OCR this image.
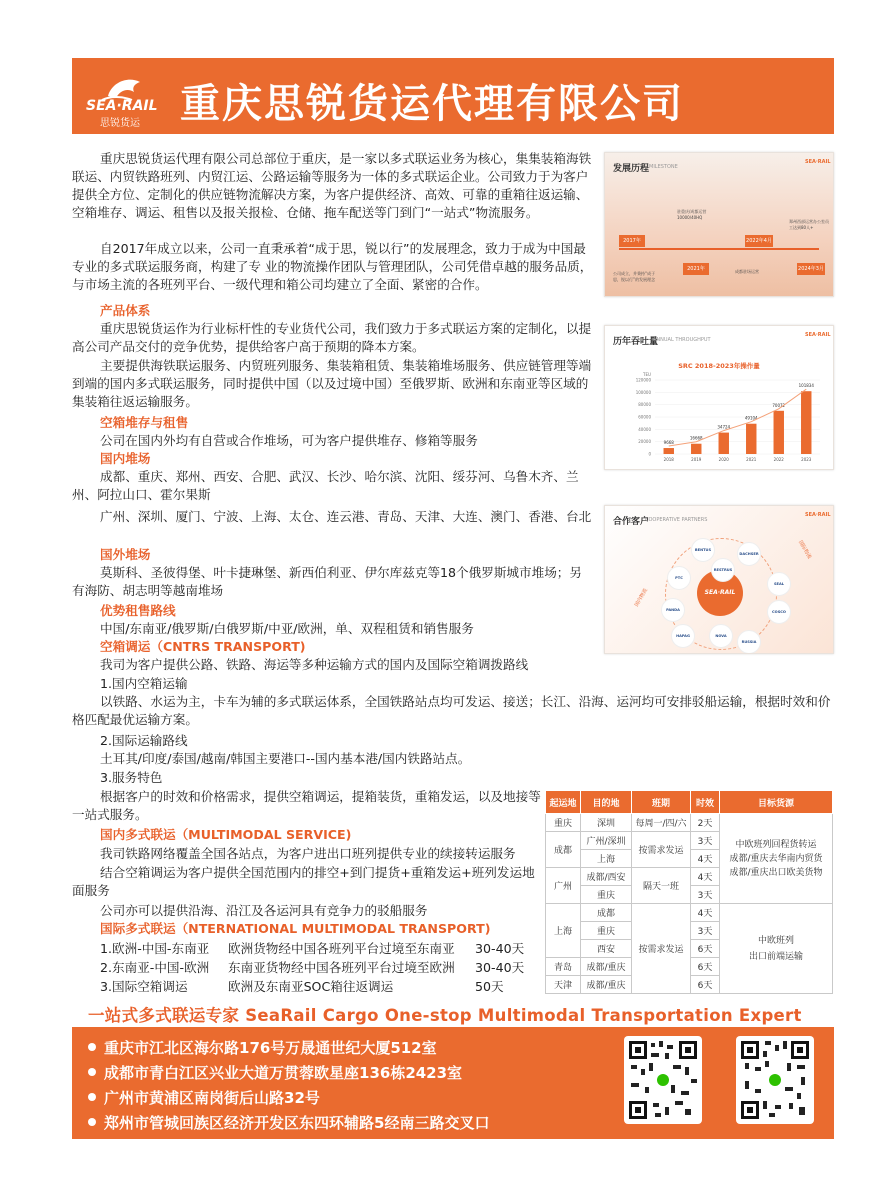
SEA·RAIL
思锐货运 重庆思锐货运代理有限公司
重庆思锐货运代理有限公司总部位于重庆，是一家以多式联运业务为核心，集集装箱海铁联运、内贸铁路班列、内贸江运、公路运输等服务为一体的多式联运企业。公司致力于为客户提供全方位、定制化的供应链物流解决方案，为客户提供经济、高效、可靠的重箱往返运输、空箱堆存、调运、租售以及报关报检、仓储、拖车配送等门到门“一站式”物流服务。
自2017年成立以来，公司一直秉承着“成于思，锐以行”的发展理念，致力于成为中国最专业的多式联运服务商，构建了专 业的物流操作团队与管理团队，公司凭借卓越的服务品质，与市场主流的各班列平台、一级代理和箱公司均建立了全面、紧密的合作。
产品体系
重庆思锐货运作为行业标杆性的专业货代公司，我们致力于多式联运方案的定制化，以提高公司产品交付的竞争优势，提供给客户高于预期的降本方案。
主要提供海铁联运服务、内贸班列服务、集装箱租赁、集装箱堆场服务、供应链管理等端到端的国内多式联运服务，同时提供中国（以及过境中国）至俄罗斯、欧洲和东南亚等区域的集装箱往返运输服务。
空箱堆存与租售
公司在国内外均有自营或合作堆场，可为客户提供堆存、修箱等服务
国内堆场
成都、重庆、郑州、西安、合肥、武汉、长沙、哈尔滨、沈阳、绥芬河、乌鲁木齐、兰州、阿拉山口、霍尔果斯
广州、深圳、厦门、宁波、上海、太仓、连云港、青岛、天津、大连、澳门、香港、台北
国外堆场
莫斯科、圣彼得堡、叶卡捷琳堡、新西伯利亚、伊尔库兹克等18个俄罗斯城市堆场；另有海防、胡志明等越南堆场
优势租售路线
中国/东南亚/俄罗斯/白俄罗斯/中亚/欧洲，单、双程租赁和销售服务
空箱调运（CNTRS TRANSPORT)
我司为客户提供公路、铁路、海运等多种运输方式的国内及国际空箱调拨路线
1.国内空箱运输
以铁路、水运为主，卡车为辅的多式联运体系，全国铁路站点均可发运、接送；长江、沿海、运河均可安排驳船运输，根据时效和价格匹配最优运输方案。
2.国际运输路线
土耳其/印度/泰国/越南/韩国主要港口--国内基本港/国内铁路站点。
3.服务特色
根据客户的时效和价格需求，提供空箱调运，提箱装货，重箱发运，以及地接等一站式服务。
国内多式联运（MULTIMODAL SERVICE)
我司铁路网络覆盖全国各站点，为客户进出口班列提供专业的续接转运服务
结合空箱调运为客户提供全国范围内的排空+到门提货+重箱发运+班列发运地面服务
公司亦可以提供沿海、沿江及各运河具有竞争力的驳船服务
国际多式联运（NTERNATIONAL MULTIMODAL TRANSPORT)
1.欧洲-中国-东南亚 欧洲货物经中国各班列平台过境至东南亚 30-40天
2.东南亚-中国-欧洲 东南亚货物经中国各班列平台过境至欧洲 30-40天
3.国际空箱调运	欧洲及东南亚SOC箱往返调运	50天
发展历程 MILESTONE
SEA·RAIL
2017年
2021年
2022年4月
2024年3月
公司成立，并秉持“成于思，锐以行”的发展理念
驻重庆/成都运营10000/40HQ
成都驻场运营
郑州西部运营办公室员工达到80人+
历年吞吐量
ANNUAL THROUGHPUT
SEA·RAIL
SRC 2018-2023年操作量
TEU
120000
100000
80000
60000
40000
20000
0
9668
2018
16668
2019
34724
2020
49104
2021
70072
2022
101834
2023
合作客户
COOPERATIVE PARTNERS
SEA·RAIL
SEA·RAIL
BENTUS
DACHSER
RESTRUS
PTC
SEAL
PANDA	COSCO
NOVA
RUSSIA
HAPAG
国内物流
国际物流
起运地	目的地	班期	时效	目标货源
重庆	深圳	每周一/四/六	2天	中欧班列回程货转运
成都/重庆去华南内贸货
成都/重庆出口欧美货物

成都	广州/深圳	按需求发运	3天	
	上海		4天	
广州	成都/西安	隔天一班	4天	
	重庆		3天	
上海	成都	按需求发运	4天	中欧班列
出口前端运输

	重庆		3天	
	西安		6天	
青岛	成都/重庆		6天	
天津	成都/重庆		6天	
一站式多式联运专家 SeaRail Cargo One-stop Multimodal Transportation Expert
重庆市江北区海尔路176号万晟通世纪大厦512室
成都市青白江区兴业大道万贯蓉欧星座136栋2423室
广州市黄浦区南岗街后山路32号
郑州市管城回族区经济开发区东四环辅路5经南三路交叉口
